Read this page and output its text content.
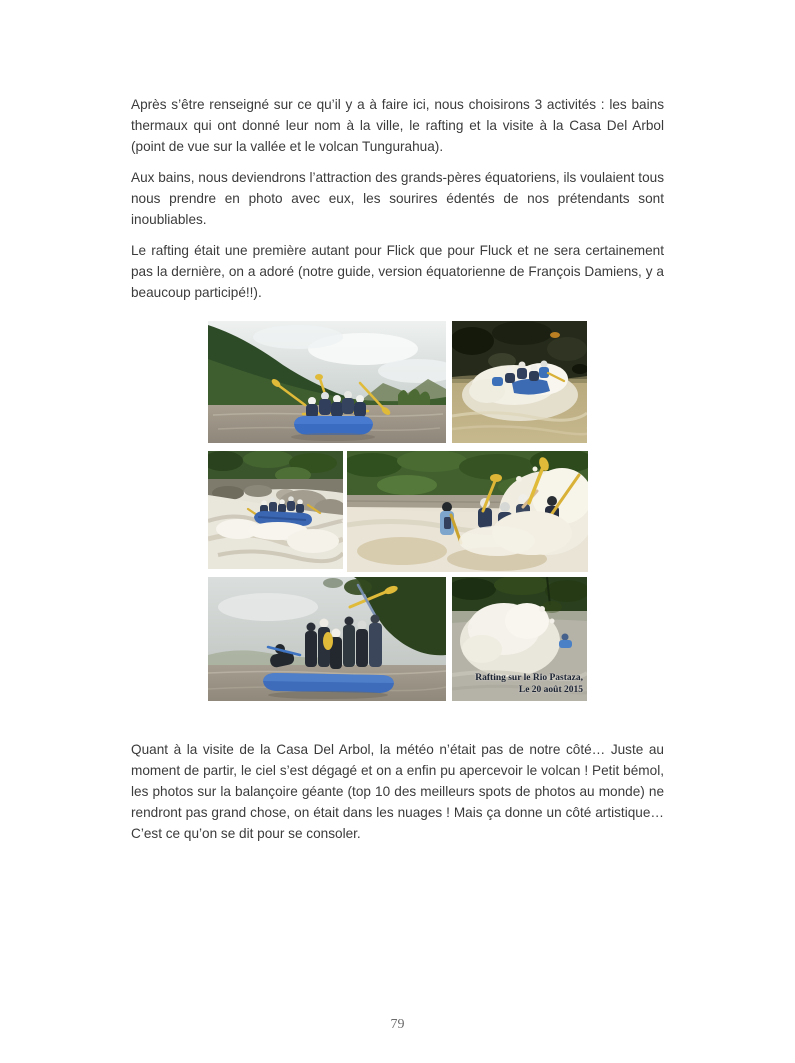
Après s’être renseigné sur ce qu’il y a à faire ici, nous choisirons 3 activités : les bains thermaux qui ont donné leur nom à la ville, le rafting et la visite à la Casa Del Arbol (point de vue sur la vallée et le volcan Tungurahua).

Aux bains, nous deviendrons l’attraction des grands-pères équatoriens, ils voulaient tous nous prendre en photo avec eux, les sourires édentés de nos prétendants sont inoubliables.

Le rafting était une première autant pour Flick que pour Fluck et ne sera certainement pas la dernière, on a adoré (notre guide, version équatorienne de François Damiens, y a beaucoup participé!!).

Rafting sur le Rio Pastaza,
Le 20 août 2015

Quant à la visite de la Casa Del Arbol, la météo n’était pas de notre côté… Juste au moment de partir, le ciel s’est dégagé et on a enfin pu apercevoir le volcan ! Petit bémol, les photos sur la balançoire géante (top 10 des meilleurs spots de photos au monde) ne rendront pas grand chose, on était dans les nuages ! Mais ça donne un côté artistique… C’est ce qu’on se dit pour se consoler.

79
